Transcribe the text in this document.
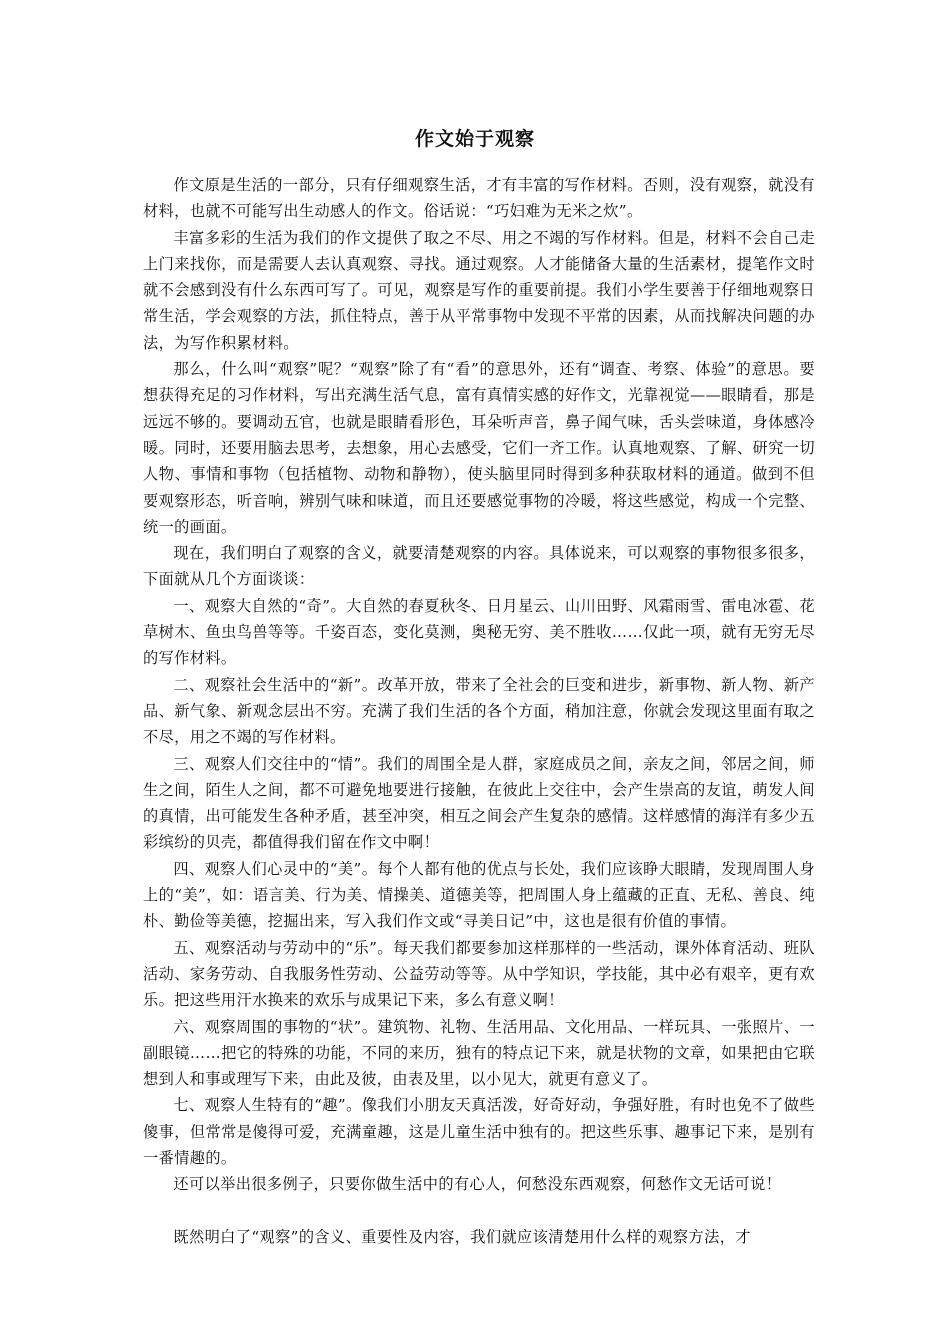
作文始于观察

作文原是生活的一部分，只有仔细观察生活，才有丰富的写作材料。否则，没有观察，就没有材料，也就不可能写出生动感人的作文。俗话说：“巧妇难为无米之炊”。

丰富多彩的生活为我们的作文提供了取之不尽、用之不竭的写作材料。但是，材料不会自己走上门来找你，而是需要人去认真观察、寻找。通过观察。人才能储备大量的生活素材，提笔作文时就不会感到没有什么东西可写了。可见，观察是写作的重要前提。我们小学生要善于仔细地观察日常生活，学会观察的方法，抓住特点，善于从平常事物中发现不平常的因素，从而找解决问题的办法，为写作积累材料。

那么，什么叫“观察”呢？“观察”除了有“看”的意思外，还有“调查、考察、体验”的意思。要想获得充足的习作材料，写出充满生活气息，富有真情实感的好作文，光靠视觉——眼睛看，那是远远不够的。要调动五官，也就是眼睛看形色，耳朵听声音，鼻子闻气味，舌头尝味道，身体感冷暖。同时，还要用脑去思考，去想象，用心去感受，它们一齐工作。认真地观察、了解、研究一切人物、事情和事物（包括植物、动物和静物），使头脑里同时得到多种获取材料的通道。做到不但要观察形态，听音响，辨别气味和味道，而且还要感觉事物的冷暖，将这些感觉，构成一个完整、统一的画面。

现在，我们明白了观察的含义，就要清楚观察的内容。具体说来，可以观察的事物很多很多，下面就从几个方面谈谈：

一、观察大自然的“奇”。大自然的春夏秋冬、日月星云、山川田野、风霜雨雪、雷电冰雹、花草树木、鱼虫鸟兽等等。千姿百态，变化莫测，奥秘无穷、美不胜收……仅此一项，就有无穷无尽的写作材料。

二、观察社会生活中的“新”。改革开放，带来了全社会的巨变和进步，新事物、新人物、新产品、新气象、新观念层出不穷。充满了我们生活的各个方面，稍加注意，你就会发现这里面有取之不尽，用之不竭的写作材料。

三、观察人们交往中的“情”。我们的周围全是人群，家庭成员之间，亲友之间，邻居之间，师生之间，陌生人之间，都不可避免地要进行接触，在彼此上交往中，会产生崇高的友谊，萌发人间的真情，出可能发生各种矛盾，甚至冲突，相互之间会产生复杂的感情。这样感情的海洋有多少五彩缤纷的贝壳，都值得我们留在作文中啊！

四、观察人们心灵中的“美”。每个人都有他的优点与长处，我们应该睁大眼睛，发现周围人身上的“美”，如：语言美、行为美、情操美、道德美等，把周围人身上蕴藏的正直、无私、善良、纯朴、勤俭等美德，挖掘出来，写入我们作文或“寻美日记”中，这也是很有价值的事情。

五、观察活动与劳动中的“乐”。每天我们都要参加这样那样的一些活动，课外体育活动、班队活动、家务劳动、自我服务性劳动、公益劳动等等。从中学知识，学技能，其中必有艰辛，更有欢乐。把这些用汗水换来的欢乐与成果记下来，多么有意义啊！

六、观察周围的事物的“状”。建筑物、礼物、生活用品、文化用品、一样玩具、一张照片、一副眼镜……把它的特殊的功能，不同的来历，独有的特点记下来，就是状物的文章，如果把由它联想到人和事或理写下来，由此及彼，由表及里，以小见大，就更有意义了。

七、观察人生特有的“趣”。像我们小朋友天真活泼，好奇好动，争强好胜，有时也免不了做些傻事，但常常是傻得可爱，充满童趣，这是儿童生活中独有的。把这些乐事、趣事记下来，是别有一番情趣的。

还可以举出很多例子，只要你做生活中的有心人，何愁没东西观察，何愁作文无话可说！

既然明白了“观察”的含义、重要性及内容，我们就应该清楚用什么样的观察方法，才
